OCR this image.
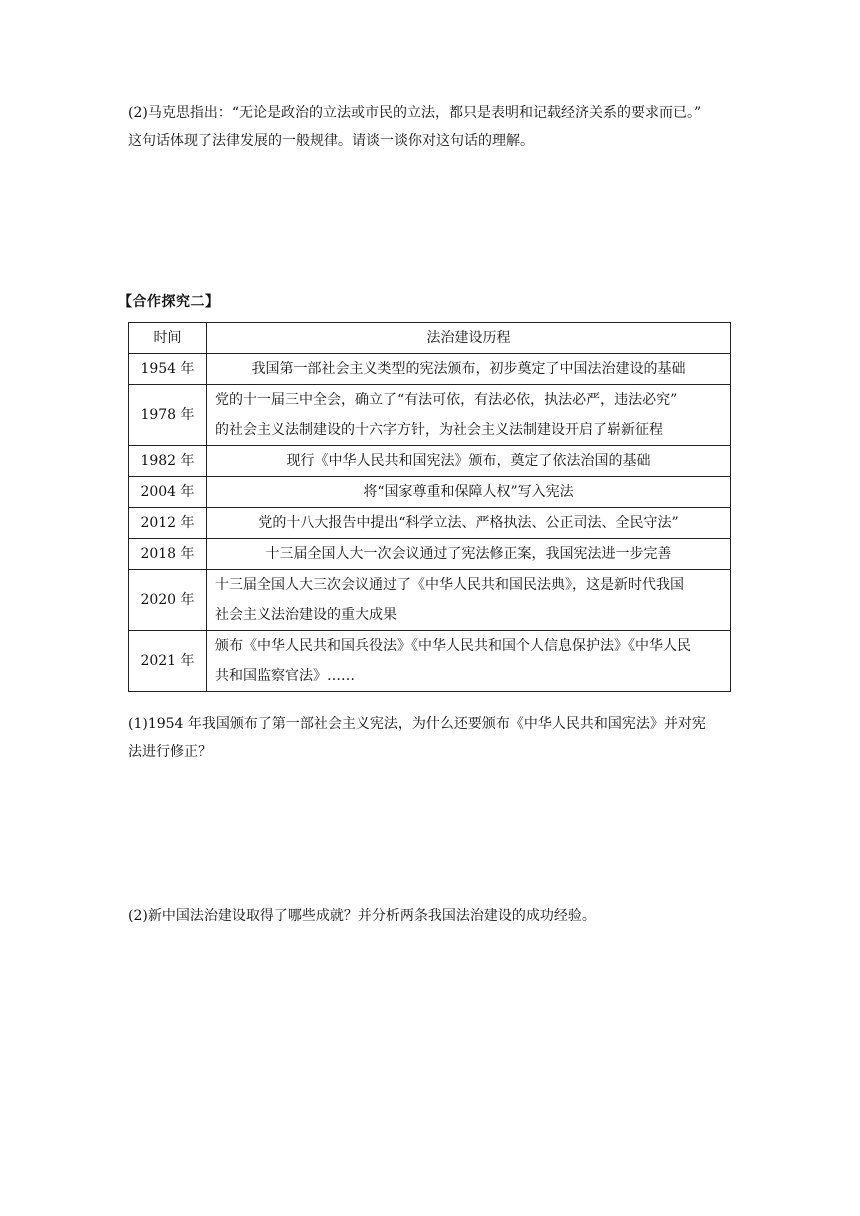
(2)马克思指出：“无论是政治的立法或市民的立法，都只是表明和记载经济关系的要求而已。”

这句话体现了法律发展的一般规律。请谈一谈你对这句话的理解。

【合作探究二】
时间	法治建设历程
1954 年	我国第一部社会主义类型的宪法颁布，初步奠定了中国法治建设的基础

1978 年	党的十一届三中全会，确立了“有法可依，有法必依，执法必严，违法必究”
的社会主义法制建设的十六字方针，为社会主义法制建设开启了崭新征程

1982 年	现行《中华人民共和国宪法》颁布，奠定了依法治国的基础

2004 年	将“国家尊重和保障人权”写入宪法

2012 年	党的十八大报告中提出“科学立法、严格执法、公正司法、全民守法”

2018 年	十三届全国人大一次会议通过了宪法修正案，我国宪法进一步完善

2020 年	十三届全国人大三次会议通过了《中华人民共和国民法典》，这是新时代我国
社会主义法治建设的重大成果

2021 年	颁布《中华人民共和国兵役法》《中华人民共和国个人信息保护法》《中华人民
共和国监察官法》……

(1)1954 年我国颁布了第一部社会主义宪法，为什么还要颁布《中华人民共和国宪法》并对宪

法进行修正？

(2)新中国法治建设取得了哪些成就？并分析两条我国法治建设的成功经验。
